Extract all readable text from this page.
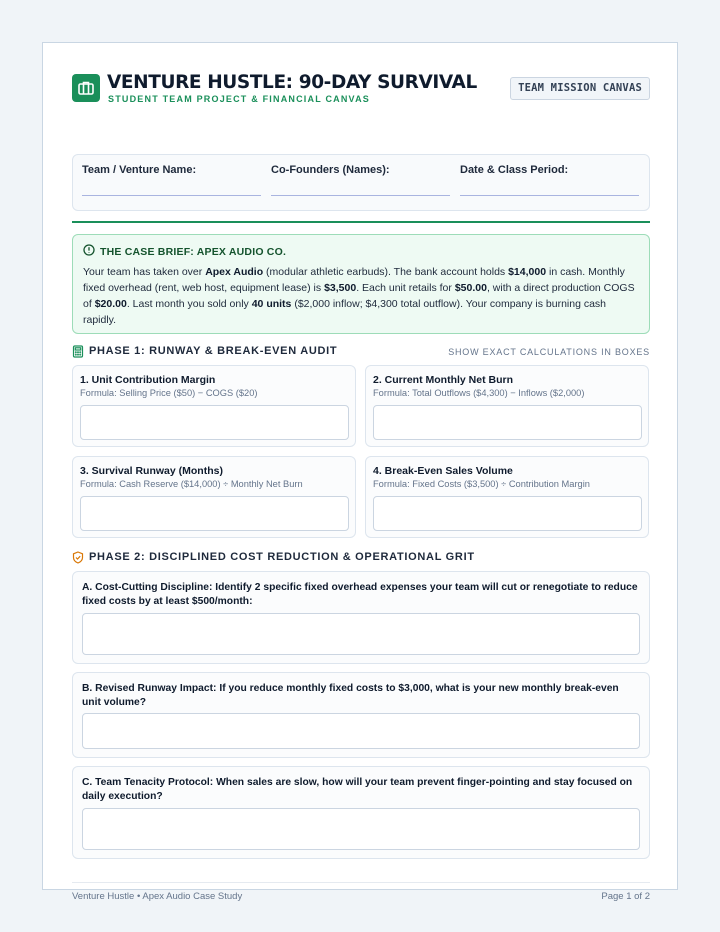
VENTURE HUSTLE: 90-DAY SURVIVAL
STUDENT TEAM PROJECT & FINANCIAL CANVAS
TEAM MISSION CANVAS
Team / Venture Name:	Co-Founders (Names):	Date & Class Period:
THE CASE BRIEF: APEX AUDIO CO.
Your team has taken over Apex Audio (modular athletic earbuds). The bank account holds $14,000 in cash. Monthly fixed overhead (rent, web host, equipment lease) is $3,500. Each unit retails for $50.00, with a direct production COGS of $20.00. Last month you sold only 40 units ($2,000 inflow; $4,300 total outflow). Your company is burning cash rapidly.
PHASE 1: RUNWAY & BREAK-EVEN AUDIT	SHOW EXACT CALCULATIONS IN BOXES
1. Unit Contribution Margin
Formula: Selling Price ($50) − COGS ($20)
2. Current Monthly Net Burn
Formula: Total Outflows ($4,300) − Inflows ($2,000)
3. Survival Runway (Months)
Formula: Cash Reserve ($14,000) ÷ Monthly Net Burn
4. Break-Even Sales Volume
Formula: Fixed Costs ($3,500) ÷ Contribution Margin
PHASE 2: DISCIPLINED COST REDUCTION & OPERATIONAL GRIT
A. Cost-Cutting Discipline: Identify 2 specific fixed overhead expenses your team will cut or renegotiate to reduce fixed costs by at least $500/month:
B. Revised Runway Impact: If you reduce monthly fixed costs to $3,000, what is your new monthly break-even unit volume?
C. Team Tenacity Protocol: When sales are slow, how will your team prevent finger-pointing and stay focused on daily execution?
Venture Hustle • Apex Audio Case Study	Page 1 of 2
